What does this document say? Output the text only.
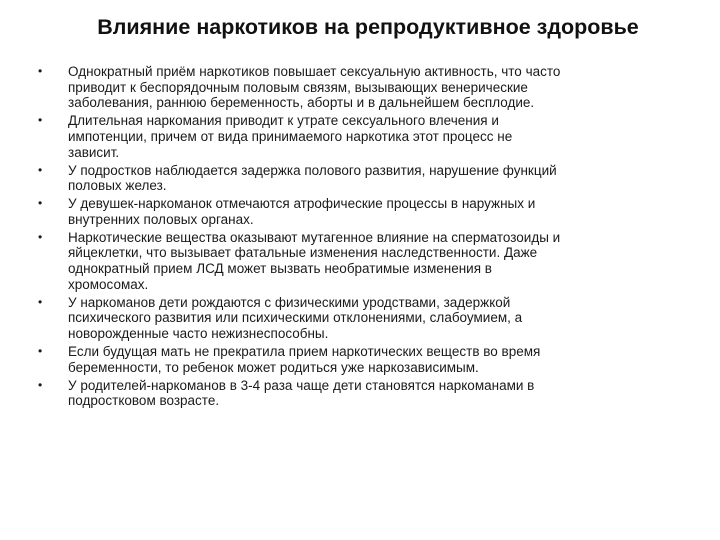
Влияние наркотиков на репродуктивное здоровье
• Однократный приём наркотиков повышает сексуальную активность, что часто
приводит к беспорядочным половым связям, вызывающих венерические
заболевания, раннюю беременность, аборты и в дальнейшем бесплодие.
• Длительная наркомания приводит к утрате сексуального влечения и
импотенции, причем от вида принимаемого наркотика этот процесс не
зависит.
• У подростков наблюдается задержка полового развития, нарушение функций
половых желез.
• У девушек-наркоманок отмечаются атрофические процессы в наружных и
внутренних половых органах.
• Наркотические вещества оказывают мутагенное влияние на сперматозоиды и
яйцеклетки, что вызывает фатальные изменения наследственности. Даже
однократный прием ЛСД может вызвать необратимые изменения в
хромосомах.
• У наркоманов дети рождаются с физическими уродствами, задержкой
психического развития или психическими отклонениями, слабоумием, а
новорожденные часто нежизнеспособны.
• Если будущая мать не прекратила прием наркотических веществ во время
беременности, то ребенок может родиться уже наркозависимым.
• У родителей-наркоманов в 3-4 раза чаще дети становятся наркоманами в
подростковом возрасте.
